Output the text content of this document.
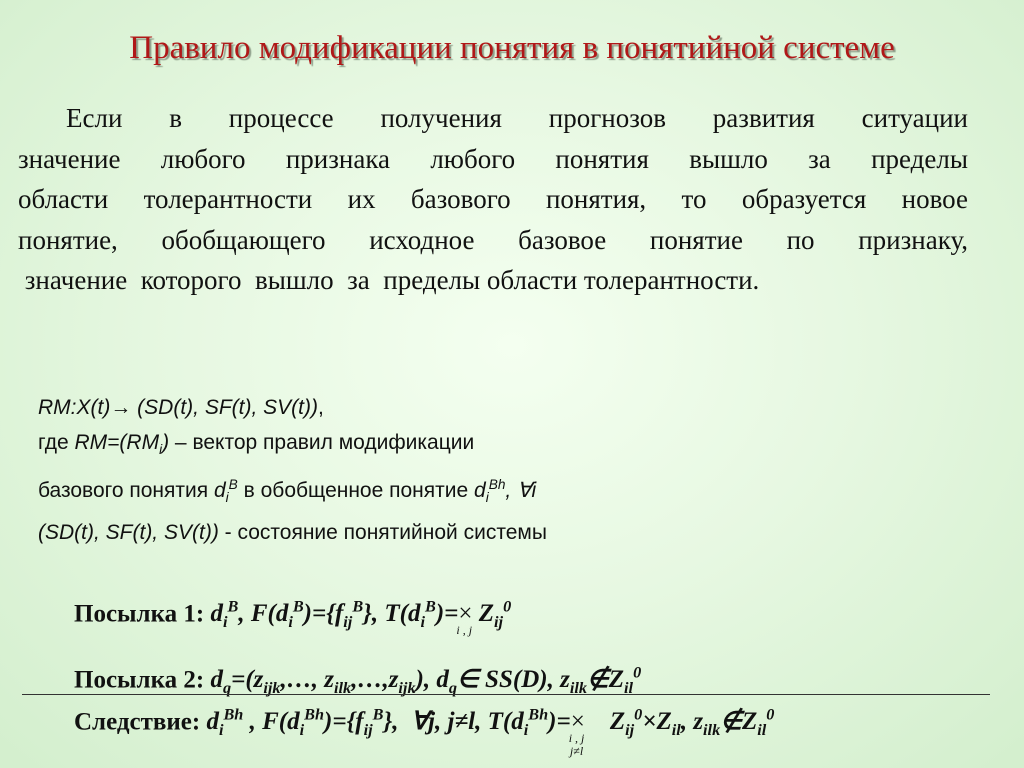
Правило модификации понятия в понятийной системе
Если в процессе получения прогнозов развития ситуации
значение любого признака любого понятия вышло за пределы
области толерантности их базового понятия, то образуется новое
понятие, обобщающего исходное базовое понятие по признаку,
значение  которого  вышло  за  пределы области толерантности.
RM:X(t)→ (SD(t), SF(t), SV(t)),
где $RM=(RM_i)$ – вектор правил модификации
базового понятия $d_i^B$ в обобщенное понятие $d_i^{Bh}$, ∀i
(SD(t), SF(t), SV(t)) - состояние понятийной системы
Посылка 1: $d_i^B$, $F(d_i^B)=\{f_{ij}^B\}$, $T(d_i^B)=\times$
i , j
$Z_{ij}^0$
Посылка 2: $d_q=(z_{ijk},\dots$, $z_{ilk},\dots,z_{ijk}$), $d_q\in$ SS(D), $z_{ilk}\notin Z_{il}^0$
Следствие: $d_i^{Bh}$ , $F(d_i^{Bh})=\{f_{ij}^B\}$,  ∀j, j≠l, $T(d_i^{Bh})=\times$
i , j
j≠l
$Z_{ij}^0\times Z_{il}$, $z_{ilk}\notin Z_{il}^0$
